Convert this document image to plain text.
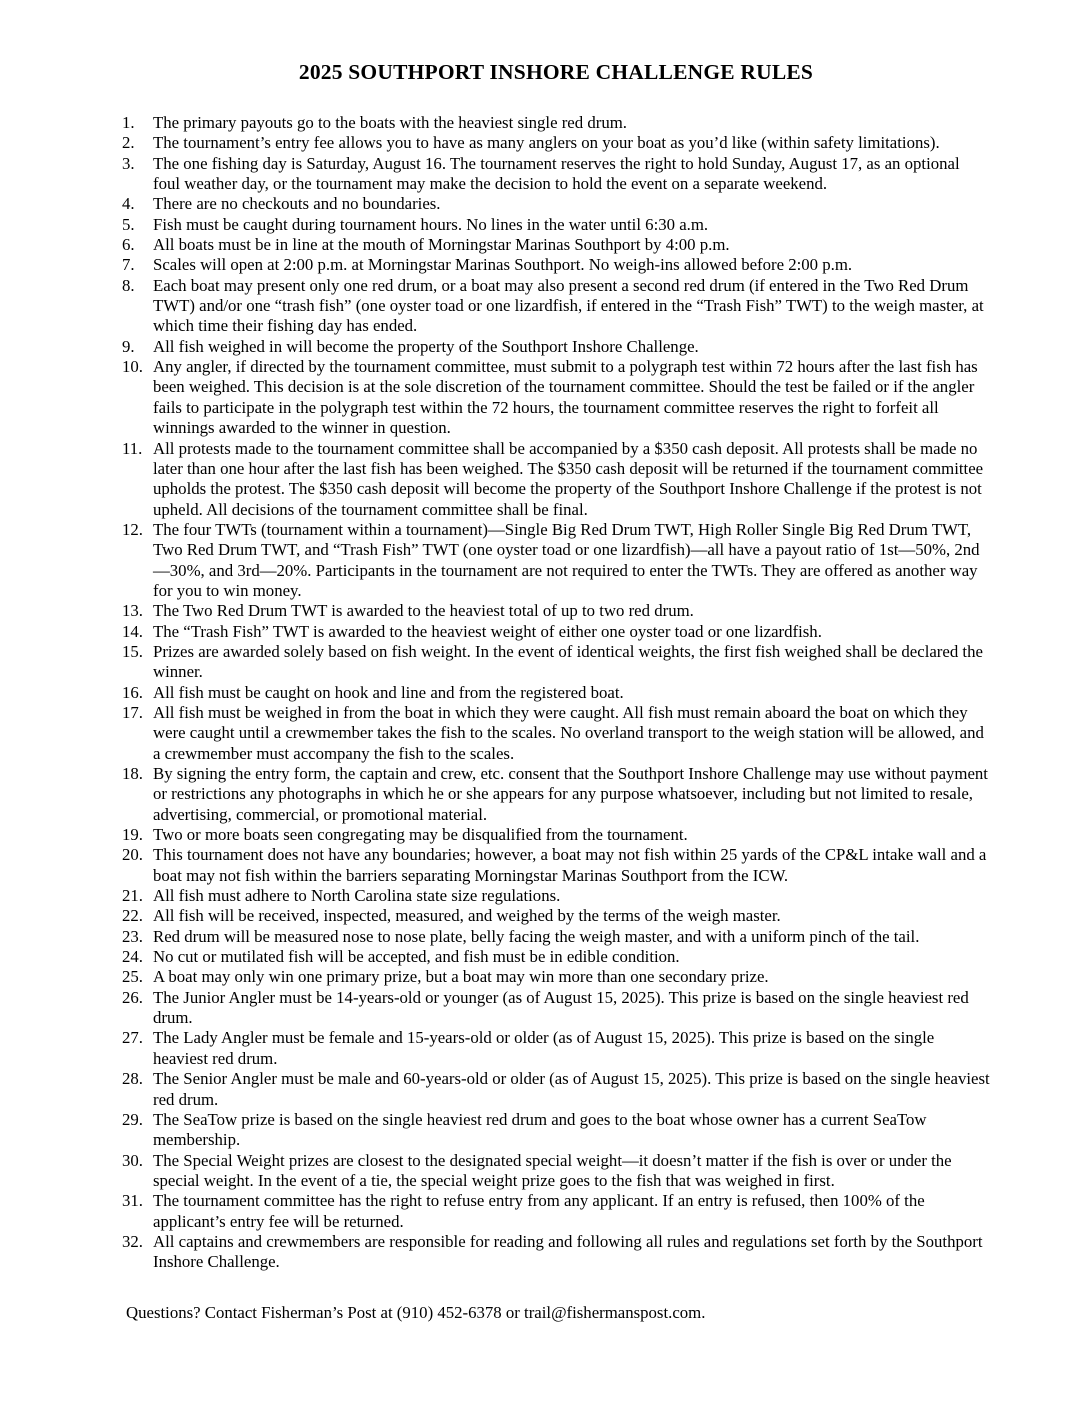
2025 SOUTHPORT INSHORE CHALLENGE RULES
1.	The primary payouts go to the boats with the heaviest single red drum.
2.	The tournament’s entry fee allows you to have as many anglers on your boat as you’d like (within safety limitations).
3.	The one fishing day is Saturday, August 16. The tournament reserves the right to hold Sunday, August 17, as an optional foul weather day, or the tournament may make the decision to hold the event on a separate weekend.
4.	There are no checkouts and no boundaries.
5.	Fish must be caught during tournament hours. No lines in the water until 6:30 a.m.
6.	All boats must be in line at the mouth of Morningstar Marinas Southport by 4:00 p.m.
7.	Scales will open at 2:00 p.m. at Morningstar Marinas Southport. No weigh-ins allowed before 2:00 p.m.
8.	Each boat may present only one red drum, or a boat may also present a second red drum (if entered in the Two Red Drum TWT) and/or one “trash fish” (one oyster toad or one lizardfish, if entered in the “Trash Fish” TWT) to the weigh master, at which time their fishing day has ended.
9.	All fish weighed in will become the property of the Southport Inshore Challenge.
10. Any angler, if directed by the tournament committee, must submit to a polygraph test within 72 hours after the last fish has been weighed. This decision is at the sole discretion of the tournament committee. Should the test be failed or if the angler fails to participate in the polygraph test within the 72 hours, the tournament committee reserves the right to forfeit all winnings awarded to the winner in question.
11. All protests made to the tournament committee shall be accompanied by a $350 cash deposit. All protests shall be made no later than one hour after the last fish has been weighed. The $350 cash deposit will be returned if the tournament committee upholds the protest. The $350 cash deposit will become the property of the Southport Inshore Challenge if the protest is not upheld. All decisions of the tournament committee shall be final.
12. The four TWTs (tournament within a tournament)—Single Big Red Drum TWT, High Roller Single Big Red Drum TWT, Two Red Drum TWT, and “Trash Fish” TWT (one oyster toad or one lizardfish)—all have a payout ratio of 1st—50%, 2nd—30%, and 3rd—20%. Participants in the tournament are not required to enter the TWTs. They are offered as another way for you to win money.
13. The Two Red Drum TWT is awarded to the heaviest total of up to two red drum.
14. The “Trash Fish” TWT is awarded to the heaviest weight of either one oyster toad or one lizardfish.
15. Prizes are awarded solely based on fish weight. In the event of identical weights, the first fish weighed shall be declared the winner.
16. All fish must be caught on hook and line and from the registered boat.
17. All fish must be weighed in from the boat in which they were caught. All fish must remain aboard the boat on which they were caught until a crewmember takes the fish to the scales. No overland transport to the weigh station will be allowed, and a crewmember must accompany the fish to the scales.
18. By signing the entry form, the captain and crew, etc. consent that the Southport Inshore Challenge may use without payment or restrictions any photographs in which he or she appears for any purpose whatsoever, including but not limited to resale, advertising, commercial, or promotional material.
19. Two or more boats seen congregating may be disqualified from the tournament.
20. This tournament does not have any boundaries; however, a boat may not fish within 25 yards of the CP&L intake wall and a boat may not fish within the barriers separating Morningstar Marinas Southport from the ICW.
21. All fish must adhere to North Carolina state size regulations.
22. All fish will be received, inspected, measured, and weighed by the terms of the weigh master.
23. Red drum will be measured nose to nose plate, belly facing the weigh master, and with a uniform pinch of the tail.
24. No cut or mutilated fish will be accepted, and fish must be in edible condition.
25. A boat may only win one primary prize, but a boat may win more than one secondary prize.
26. The Junior Angler must be 14-years-old or younger (as of August 15, 2025). This prize is based on the single heaviest red drum.
27. The Lady Angler must be female and 15-years-old or older (as of August 15, 2025). This prize is based on the single heaviest red drum.
28. The Senior Angler must be male and 60-years-old or older (as of August 15, 2025). This prize is based on the single heaviest red drum.
29. The SeaTow prize is based on the single heaviest red drum and goes to the boat whose owner has a current SeaTow membership.
30. The Special Weight prizes are closest to the designated special weight—it doesn’t matter if the fish is over or under the special weight. In the event of a tie, the special weight prize goes to the fish that was weighed in first.
31. The tournament committee has the right to refuse entry from any applicant. If an entry is refused, then 100% of the applicant’s entry fee will be returned.
32. All captains and crewmembers are responsible for reading and following all rules and regulations set forth by the Southport Inshore Challenge.
Questions? Contact Fisherman’s Post at (910) 452-6378 or trail@fishermanspost.com.
